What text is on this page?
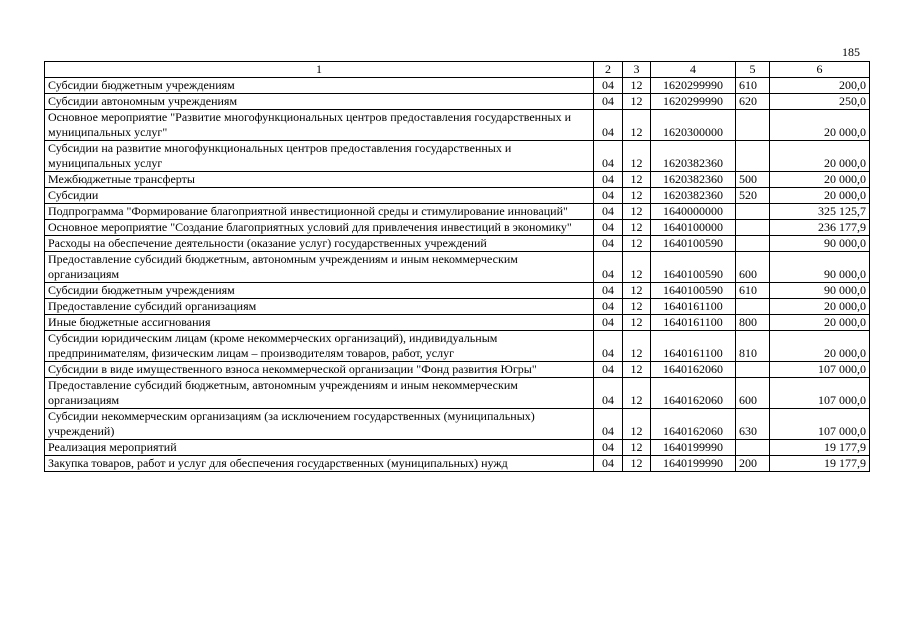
185
1	2	3	4	5	6
Субсидии бюджетным учреждениям	04	12	1620299990	610	200,0
Субсидии автономным учреждениям	04	12	1620299990	620	250,0
Основное мероприятие "Развитие многофункциональных центров предоставления государственных и муниципальных услуг"	04	12	1620300000		20 000,0
Субсидии на развитие многофункциональных центров предоставления государственных и муниципальных услуг	04	12	1620382360		20 000,0
Межбюджетные трансферты	04	12	1620382360	500	20 000,0
Субсидии	04	12	1620382360	520	20 000,0
Подпрограмма "Формирование благоприятной инвестиционной среды и стимулирование инноваций"	04	12	1640000000		325 125,7
Основное мероприятие "Создание благоприятных условий для привлечения инвестиций в экономику"	04	12	1640100000		236 177,9
Расходы на обеспечение деятельности (оказание услуг) государственных учреждений	04	12	1640100590		90 000,0
Предоставление субсидий бюджетным, автономным учреждениям и иным некоммерческим организациям	04	12	1640100590	600	90 000,0
Субсидии бюджетным учреждениям	04	12	1640100590	610	90 000,0
Предоставление субсидий организациям	04	12	1640161100		20 000,0
Иные бюджетные ассигнования	04	12	1640161100	800	20 000,0
Субсидии юридическим лицам (кроме некоммерческих организаций), индивидуальным предпринимателям, физическим лицам – производителям товаров, работ, услуг	04	12	1640161100	810	20 000,0
Субсидии в виде имущественного взноса некоммерческой организации "Фонд развития Югры"	04	12	1640162060		107 000,0
Предоставление субсидий бюджетным, автономным учреждениям и иным некоммерческим организациям	04	12	1640162060	600	107 000,0
Субсидии некоммерческим организациям (за исключением государственных (муниципальных) учреждений)	04	12	1640162060	630	107 000,0
Реализация мероприятий	04	12	1640199990		19 177,9
Закупка товаров, работ и услуг для обеспечения государственных (муниципальных) нужд	04	12	1640199990	200	19 177,9
